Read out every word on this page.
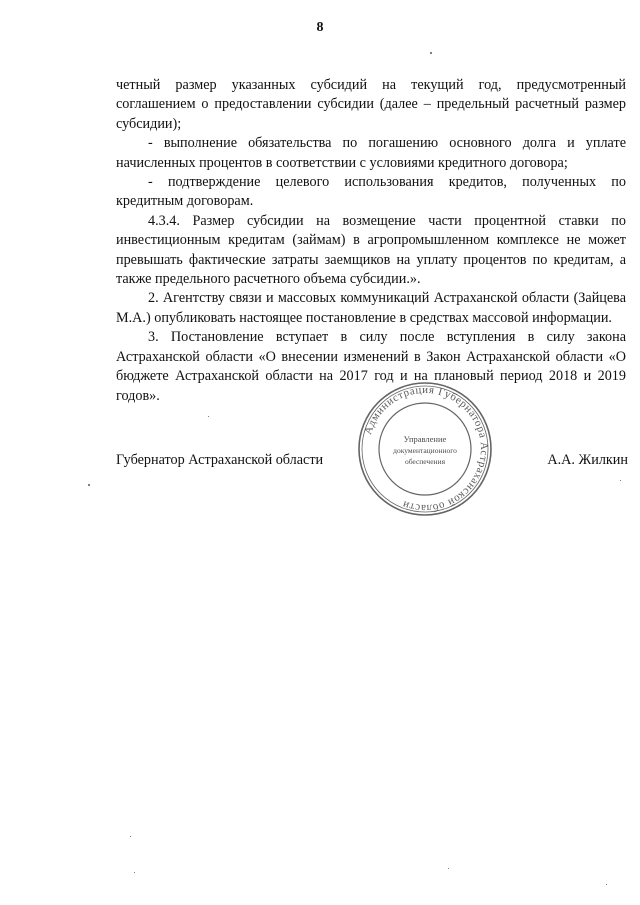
8

четный размер указанных субсидий на текущий год, предусмотренный соглашением о предоставлении субсидии (далее – предельный расчетный размер субсидии);

- выполнение обязательства по погашению основного долга и уплате начисленных процентов в соответствии с условиями кредитного договора;

- подтверждение целевого использования кредитов, полученных по кредитным договорам.

4.3.4. Размер субсидии на возмещение части процентной ставки по инвестиционным кредитам (займам) в агропромышленном комплексе не может превышать фактические затраты заемщиков на уплату процентов по кредитам, а также предельного расчетного объема субсидии.».

2. Агентству связи и массовых коммуникаций Астраханской области (Зайцева М.А.) опубликовать настоящее постановление в средствах массовой информации.

3. Постановление вступает в силу после вступления в силу закона Астраханской области «О внесении изменений в Закон Астраханской области «О бюджете Астраханской области на 2017 год и на плановый период 2018 и 2019 годов».

Губернатор Астраханской области	А.А. Жилкин
Администрация Губернатора Астраханской области
Управление
документационного
обеспечения
